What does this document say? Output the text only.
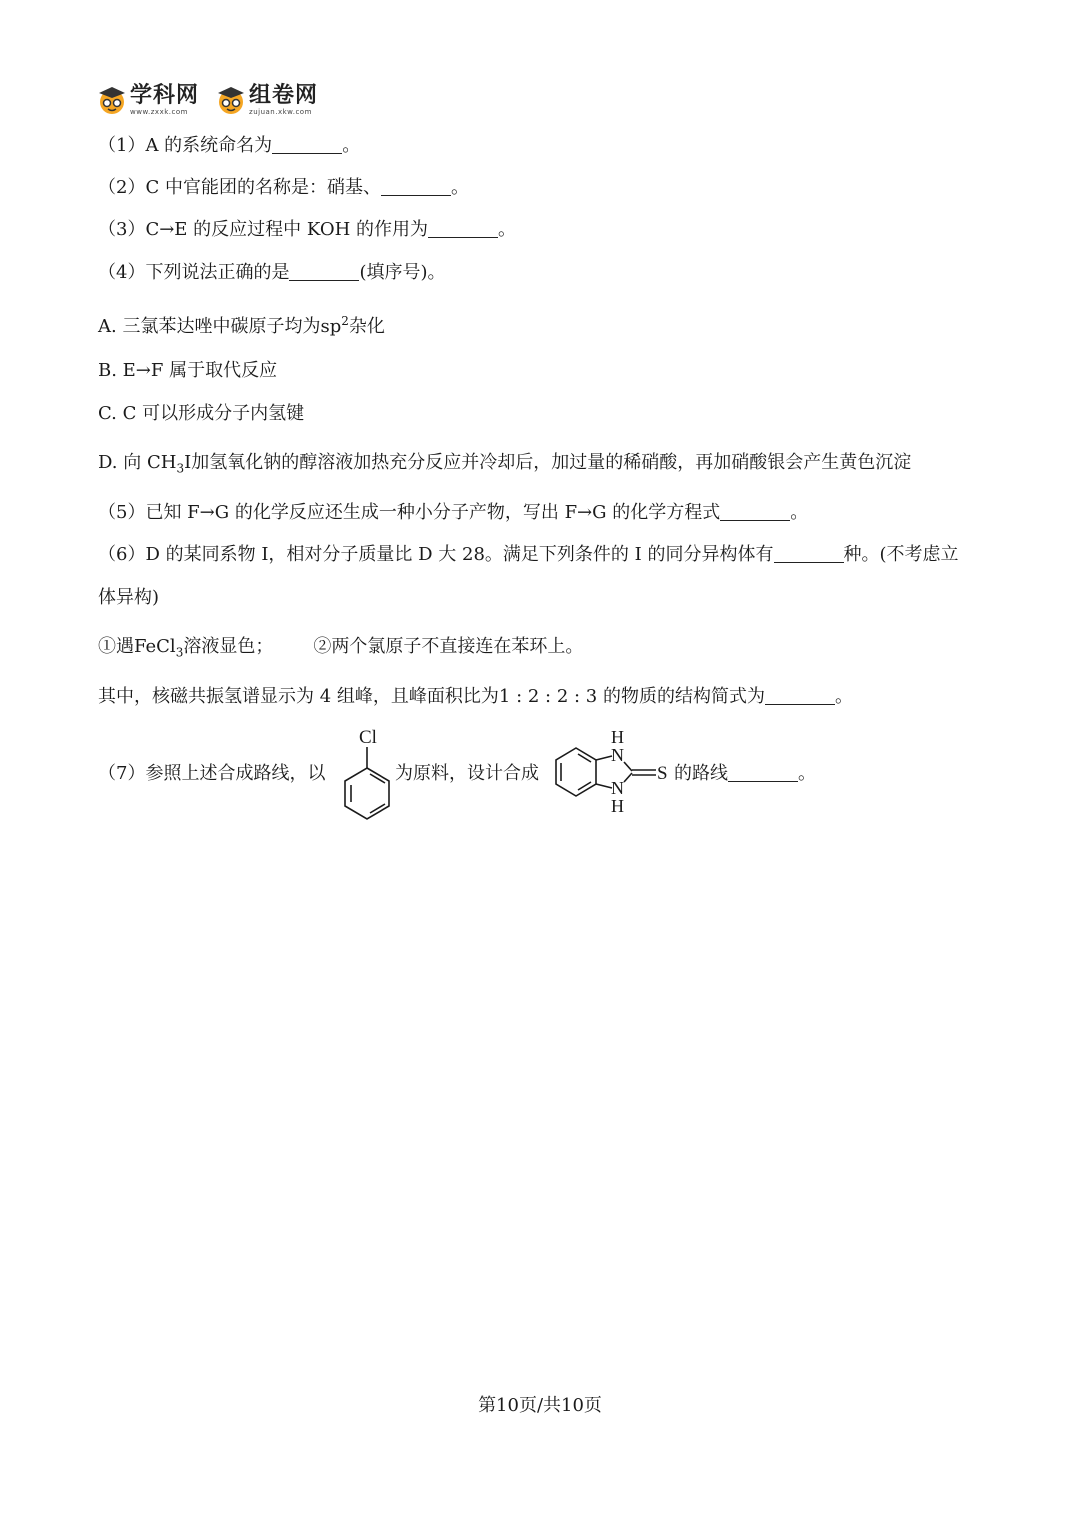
学科网
www.zxxk.com
组卷网
zujuan.xkw.com
（1）A 的系统命名为	。
（2）C 中官能团的名称是：硝基、	。
（3）C→E 的反应过程中 KOH 的作用为	。
（4）下列说法正确的是	(填序号)。
A. 三氯苯达唑中碳原子均为$sp^2$杂化
B. E→F 属于取代反应
C. C 可以形成分子内氢键
D. 向 $CH_3I$加氢氧化钠的醇溶液加热充分反应并冷却后，加过量的稀硝酸，再加硝酸银会产生黄色沉淀
（5）已知 F→G 的化学反应还生成一种小分子产物，写出 F→G 的化学方程式	。
（6）D 的某同系物 I，相对分子质量比 D 大 28。满足下列条件的 I 的同分异构体有	种。(不考虑立
体异构)
①遇FeCl$_3$溶液显色； ②两个氯原子不直接连在苯环上。
其中，核磁共振氢谱显示为 4 组峰，且峰面积比为1 : 2 : 2 : 3 的物质的结构简式为	。
（7）参照上述合成路线，以
Cl
为原料，设计合成
H
N
N
H
S 的路线	。
第10页/共10页
